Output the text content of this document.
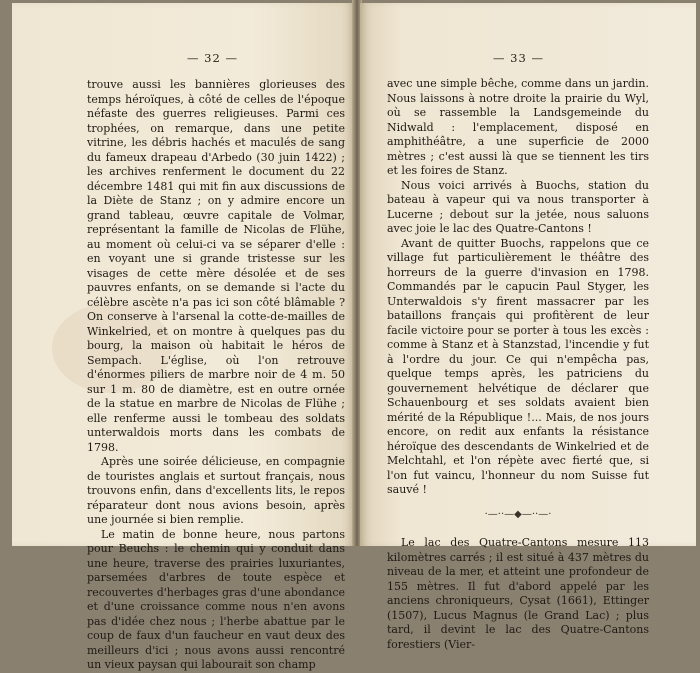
— 32 —

trouve aussi les bannières glorieuses des temps héroïques, à côté de celles de l'époque néfaste des guerres religieuses. Parmi ces trophées, on remarque, dans une petite vitrine, les débris hachés et maculés de sang du fameux drapeau d'Arbedo (30 juin 1422) ; les archives renferment le document du 22 décembre 1481 qui mit fin aux discussions de la Diète de Stanz ; on y admire encore un grand tableau, œuvre capitale de Volmar, représentant la famille de Nicolas de Flühe, au moment où celui-ci va se séparer d'elle : en voyant une si grande tristesse sur les visages de cette mère désolée et de ses pauvres enfants, on se demande si l'acte du célèbre ascète n'a pas ici son côté blâmable ? On conserve à l'arsenal la cotte-de-mailles de Winkelried, et on montre à quelques pas du bourg, la maison où habitait le héros de Sempach. L'église, où l'on retrouve d'énormes piliers de marbre noir de 4 m. 50 sur 1 m. 80 de diamètre, est en outre ornée de la statue en marbre de Nicolas de Flühe ; elle renferme aussi le tombeau des soldats unterwaldois morts dans les combats de 1798.

Après une soirée délicieuse, en compagnie de touristes anglais et surtout français, nous trouvons enfin, dans d'excellents lits, le repos réparateur dont nous avions besoin, après une journée si bien remplie.

Le matin de bonne heure, nous partons pour Beuchs : le chemin qui y conduit dans une heure, traverse des prairies luxuriantes, parsemées d'arbres de toute espèce et recouvertes d'herbages gras d'une abondance et d'une croissance comme nous n'en avons pas d'idée chez nous ; l'herbe abattue par le coup de faux d'un faucheur en vaut deux des meilleurs d'ici ; nous avons aussi rencontré un vieux paysan qui labourait son champ

— 33 —

avec une simple bêche, comme dans un jardin. Nous laissons à notre droite la prairie du Wyl, où se rassemble la Landsgemeinde du Nidwald : l'emplacement, disposé en amphithéâtre, a une superficie de 2000 mètres ; c'est aussi là que se tiennent les tirs et les foires de Stanz.

Nous voici arrivés à Buochs, station du bateau à vapeur qui va nous transporter à Lucerne ; debout sur la jetée, nous saluons avec joie le lac des Quatre-Cantons !

Avant de quitter Buochs, rappelons que ce village fut particulièrement le théâtre des horreurs de la guerre d'invasion en 1798. Commandés par le capucin Paul Styger, les Unterwaldois s'y firent massacrer par les bataillons français qui profitèrent de leur facile victoire pour se porter à tous les excès : comme à Stanz et à Stanzstad, l'incendie y fut à l'ordre du jour. Ce qui n'empêcha pas, quelque temps après, les patriciens du gouvernement helvétique de déclarer que Schauenbourg et ses soldats avaient bien mérité de la République !... Mais, de nos jours encore, on redit aux enfants la résistance héroïque des descendants de Winkelried et de Melchtahl, et l'on répète avec fierté que, si l'on fut vaincu, l'honneur du nom Suisse fut sauvé !

·—··—◆—··—·

Le lac des Quatre-Cantons mesure 113 kilomètres carrés ; il est situé à 437 mètres du niveau de la mer, et atteint une profondeur de 155 mètres. Il fut d'abord appelé par les anciens chroniqueurs, Cysat (1661), Ettinger (1507), Lucus Magnus (le Grand Lac) ; plus tard, il devint le lac des Quatre-Cantons forestiers (Vier-
